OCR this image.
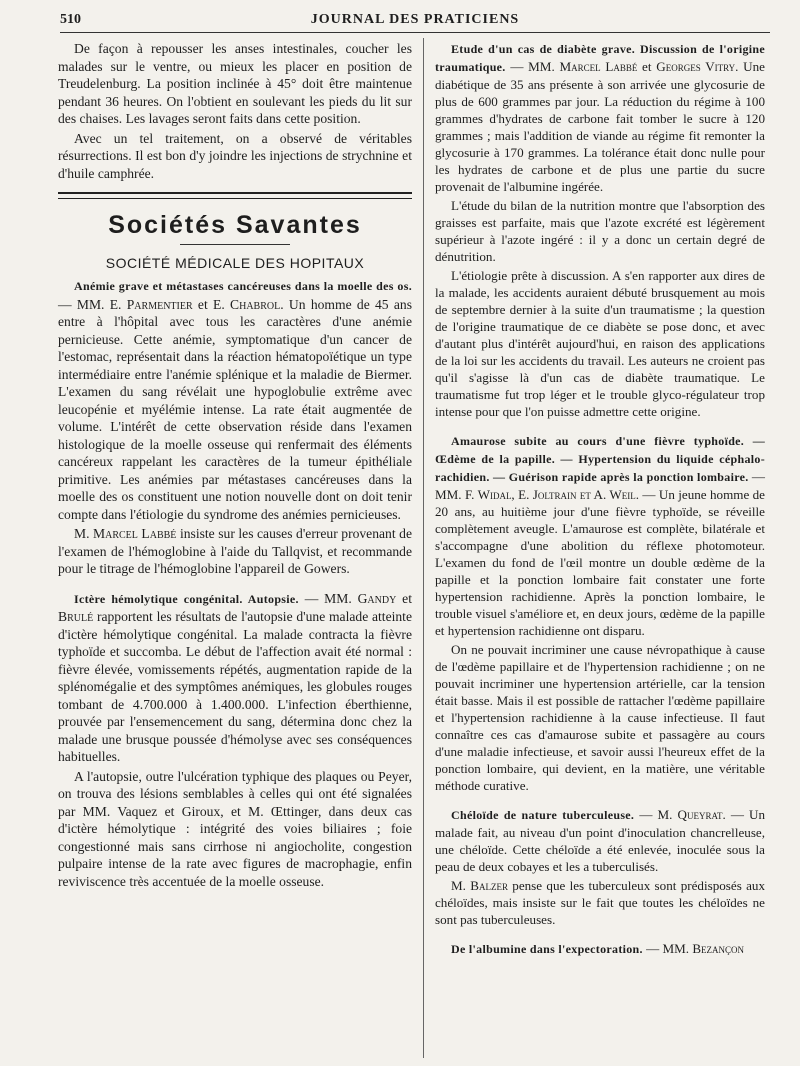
510	JOURNAL DES PRATICIENS

De façon à repousser les anses intestinales, coucher les malades sur le ventre, ou mieux les placer en position de Treudelenburg. La position inclinée à 45° doit être maintenue pendant 36 heures. On l'obtient en soulevant les pieds du lit sur des chaises. Les lavages seront faits dans cette position.

Avec un tel traitement, on a observé de véritables résurrections. Il est bon d'y joindre les injections de strychnine et d'huile camphrée.

Sociétés Savantes
SOCIÉTÉ MÉDICALE DES HOPITAUX

Anémie grave et métastases cancéreuses dans la moelle des os. — MM. E. Parmentier et E. Chabrol. Un homme de 45 ans entre à l'hôpital avec tous les caractères d'une anémie pernicieuse. Cette anémie, symptomatique d'un cancer de l'estomac, représentait dans la réaction hématopoïétique un type intermédiaire entre l'anémie splénique et la maladie de Biermer. L'examen du sang révélait une hypoglobulie extrême avec leucopénie et myélémie intense. La rate était augmentée de volume. L'intérêt de cette observation réside dans l'examen histologique de la moelle osseuse qui renfermait des éléments cancéreux rappelant les caractères de la tumeur épithéliale primitive. Les anémies par métastases cancéreuses dans la moelle des os constituent une notion nouvelle dont on doit tenir compte dans l'étiologie du syndrome des anémies pernicieuses.

M. Marcel Labbé insiste sur les causes d'erreur provenant de l'examen de l'hémoglobine à l'aide du Tallqvist, et recommande pour le titrage de l'hémoglobine l'appareil de Gowers.

Ictère hémolytique congénital. Autopsie. — MM. Gandy et Brulé rapportent les résultats de l'autopsie d'une malade atteinte d'ictère hémolytique congénital. La malade contracta la fièvre typhoïde et succomba. Le début de l'affection avait été normal : fièvre élevée, vomissements répétés, augmentation rapide de la splénomégalie et des symptômes anémiques, les globules rouges tombant de 4.700.000 à 1.400.000. L'infection éberthienne, prouvée par l'ensemencement du sang, détermina donc chez la malade une brusque poussée d'hémolyse avec ses conséquences habituelles.

A l'autopsie, outre l'ulcération typhique des plaques ou Peyer, on trouva des lésions semblables à celles qui ont été signalées par MM. Vaquez et Giroux, et M. Œttinger, dans deux cas d'ictère hémolytique : intégrité des voies biliaires ; foie congestionné mais sans cirrhose ni angiocholite, congestion pulpaire intense de la rate avec figures de macrophagie, enfin reviviscence très accentuée de la moelle osseuse.

Etude d'un cas de diabète grave. Discussion de l'origine traumatique. — MM. Marcel Labbé et Georges Vitry. Une diabétique de 35 ans présente à son arrivée une glycosurie de plus de 600 grammes par jour. La réduction du régime à 100 grammes d'hydrates de carbone fait tomber le sucre à 120 grammes ; mais l'addition de viande au régime fit remonter la glycosurie à 170 grammes. La tolérance était donc nulle pour les hydrates de carbone et de plus une partie du sucre provenait de l'albumine ingérée.

L'étude du bilan de la nutrition montre que l'absorption des graisses est parfaite, mais que l'azote excrété est légèrement supérieur à l'azote ingéré : il y a donc un certain degré de dénutrition.

L'étiologie prête à discussion. A s'en rapporter aux dires de la malade, les accidents auraient débuté brusquement au mois de septembre dernier à la suite d'un traumatisme ; la question de l'origine traumatique de ce diabète se pose donc, et avec d'autant plus d'intérêt aujourd'hui, en raison des applications de la loi sur les accidents du travail. Les auteurs ne croient pas qu'il s'agisse là d'un cas de diabète traumatique. Le traumatisme fut trop léger et le trouble glyco-régulateur trop intense pour que l'on puisse admettre cette origine.

Amaurose subite au cours d'une fièvre typhoïde. — Œdème de la papille. — Hypertension du liquide céphalo-rachidien. — Guérison rapide après la ponction lombaire. — MM. F. Widal, E. Joltrain et A. Weil. — Un jeune homme de 20 ans, au huitième jour d'une fièvre typhoïde, se réveille complètement aveugle. L'amaurose est complète, bilatérale et s'accompagne d'une abolition du réflexe photomoteur. L'examen du fond de l'œil montre un double œdème de la papille et la ponction lombaire fait constater une forte hypertension rachidienne. Après la ponction lombaire, le trouble visuel s'améliore et, en deux jours, œdème de la papille et hypertension rachidienne ont disparu.

On ne pouvait incriminer une cause névropathique à cause de l'œdème papillaire et de l'hypertension rachidienne ; on ne pouvait incriminer une hypertension artérielle, car la tension était basse. Mais il est possible de rattacher l'œdème papillaire et l'hypertension rachidienne à la cause infectieuse. Il faut connaître ces cas d'amaurose subite et passagère au cours d'une maladie infectieuse, et savoir aussi l'heureux effet de la ponction lombaire, qui devient, en la matière, une véritable méthode curative.

Chéloïde de nature tuberculeuse. — M. Queyrat. — Un malade fait, au niveau d'un point d'inoculation chancrelleuse, une chéloïde. Cette chéloïde a été enlevée, inoculée sous la peau de deux cobayes et les a tuberculisés.

M. Balzer pense que les tuberculeux sont prédisposés aux chéloïdes, mais insiste sur le fait que toutes les chéloïdes ne sont pas tuberculeuses.

De l'albumine dans l'expectoration. — MM. Bezançon
